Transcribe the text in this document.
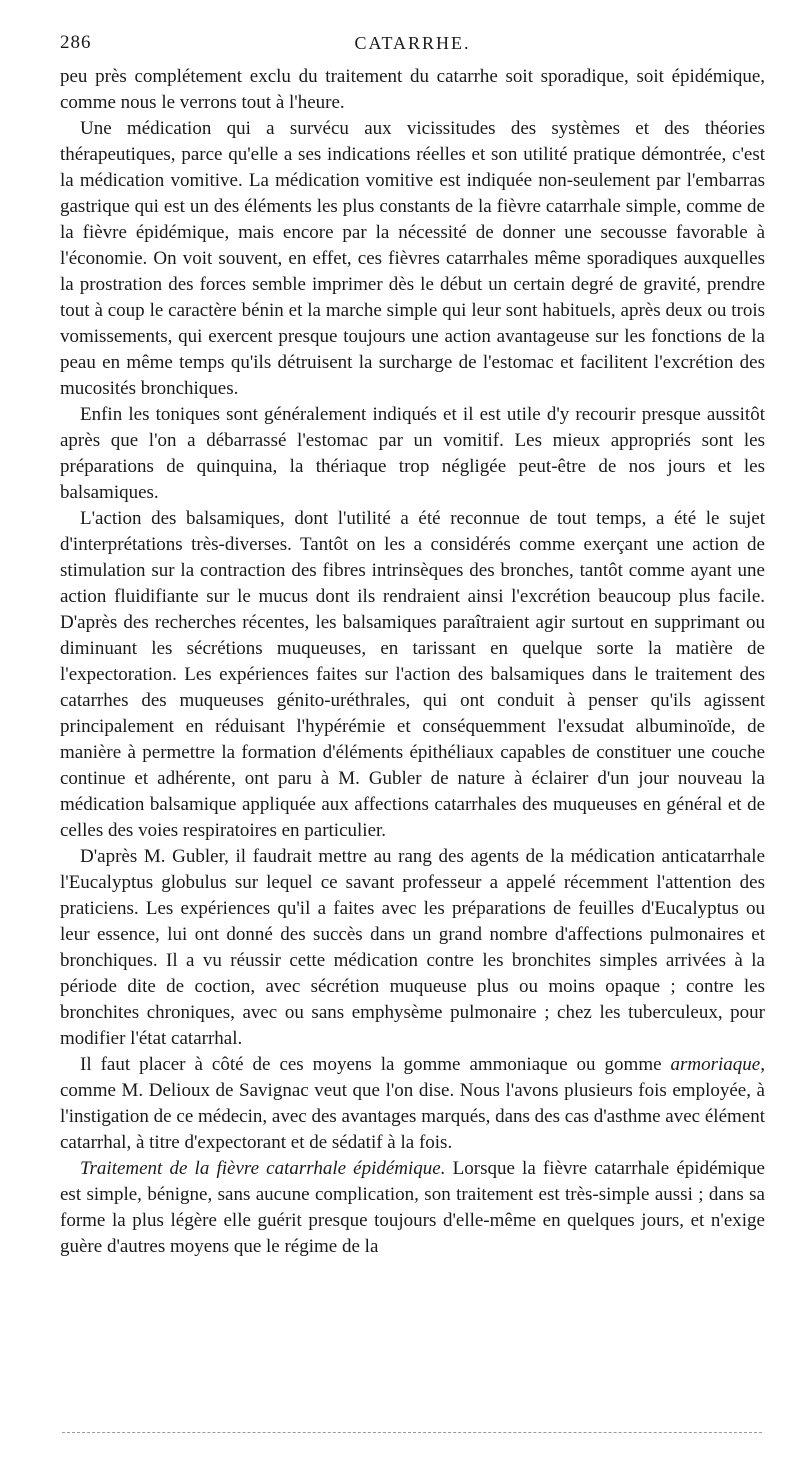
286	CATARRHE.

peu près complétement exclu du traitement du catarrhe soit sporadique, soit épidémique, comme nous le verrons tout à l'heure.

Une médication qui a survécu aux vicissitudes des systèmes et des théories thérapeutiques, parce qu'elle a ses indications réelles et son utilité pratique démontrée, c'est la médication vomitive. La médication vomitive est indiquée non-seulement par l'embarras gastrique qui est un des éléments les plus constants de la fièvre catarrhale simple, comme de la fièvre épidémique, mais encore par la nécessité de donner une secousse favorable à l'économie. On voit souvent, en effet, ces fièvres catarrhales même sporadiques auxquelles la prostration des forces semble imprimer dès le début un certain degré de gravité, prendre tout à coup le caractère bénin et la marche simple qui leur sont habituels, après deux ou trois vomissements, qui exercent presque toujours une action avantageuse sur les fonctions de la peau en même temps qu'ils détruisent la surcharge de l'estomac et facilitent l'excrétion des mucosités bronchiques.

Enfin les toniques sont généralement indiqués et il est utile d'y recourir presque aussitôt après que l'on a débarrassé l'estomac par un vomitif. Les mieux appropriés sont les préparations de quinquina, la thériaque trop négligée peut-être de nos jours et les balsamiques.

L'action des balsamiques, dont l'utilité a été reconnue de tout temps, a été le sujet d'interprétations très-diverses. Tantôt on les a considérés comme exerçant une action de stimulation sur la contraction des fibres intrinsèques des bronches, tantôt comme ayant une action fluidifiante sur le mucus dont ils rendraient ainsi l'excrétion beaucoup plus facile. D'après des recherches récentes, les balsamiques paraîtraient agir surtout en supprimant ou diminuant les sécrétions muqueuses, en tarissant en quelque sorte la matière de l'expectoration. Les expériences faites sur l'action des balsamiques dans le traitement des catarrhes des muqueuses génito-uréthrales, qui ont conduit à penser qu'ils agissent principalement en réduisant l'hypérémie et conséquemment l'exsudat albuminoïde, de manière à permettre la formation d'éléments épithéliaux capables de constituer une couche continue et adhérente, ont paru à M. Gubler de nature à éclairer d'un jour nouveau la médication balsamique appliquée aux affections catarrhales des muqueuses en général et de celles des voies respiratoires en particulier.

D'après M. Gubler, il faudrait mettre au rang des agents de la médication anticatarrhale l'Eucalyptus globulus sur lequel ce savant professeur a appelé récemment l'attention des praticiens. Les expériences qu'il a faites avec les préparations de feuilles d'Eucalyptus ou leur essence, lui ont donné des succès dans un grand nombre d'affections pulmonaires et bronchiques. Il a vu réussir cette médication contre les bronchites simples arrivées à la période dite de coction, avec sécrétion muqueuse plus ou moins opaque ; contre les bronchites chroniques, avec ou sans emphysème pulmonaire ; chez les tuberculeux, pour modifier l'état catarrhal.

Il faut placer à côté de ces moyens la gomme ammoniaque ou gomme armoriaque, comme M. Delioux de Savignac veut que l'on dise. Nous l'avons plusieurs fois employée, à l'instigation de ce médecin, avec des avantages marqués, dans des cas d'asthme avec élément catarrhal, à titre d'expectorant et de sédatif à la fois.

Traitement de la fièvre catarrhale épidémique. Lorsque la fièvre catarrhale épidémique est simple, bénigne, sans aucune complication, son traitement est très-simple aussi ; dans sa forme la plus légère elle guérit presque toujours d'elle-même en quelques jours, et n'exige guère d'autres moyens que le régime de la
